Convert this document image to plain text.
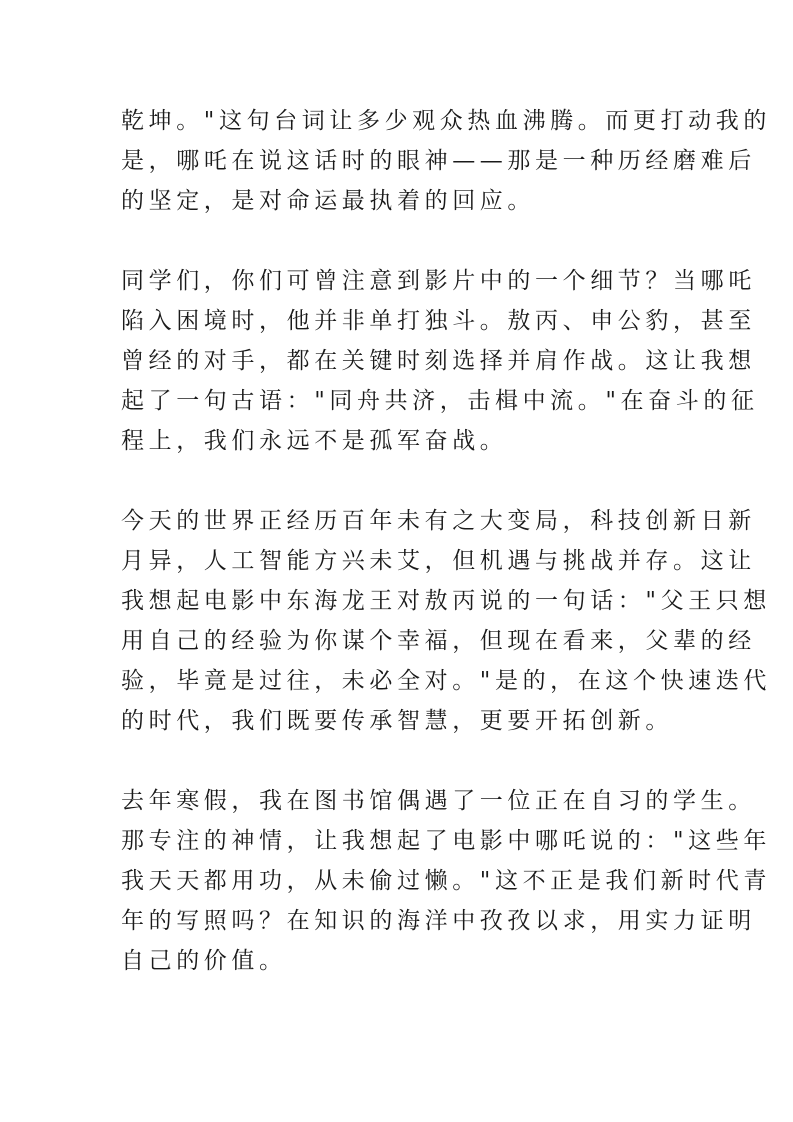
乾坤。"这句台词让多少观众热血沸腾。而更打动我的
是，哪吒在说这话时的眼神——那是一种历经磨难后
的坚定，是对命运最执着的回应。

同学们，你们可曾注意到影片中的一个细节？当哪吒
陷入困境时，他并非单打独斗。敖丙、申公豹，甚至
曾经的对手，都在关键时刻选择并肩作战。这让我想
起了一句古语："同舟共济，击楫中流。"在奋斗的征
程上，我们永远不是孤军奋战。

今天的世界正经历百年未有之大变局，科技创新日新
月异，人工智能方兴未艾，但机遇与挑战并存。这让
我想起电影中东海龙王对敖丙说的一句话："父王只想
用自己的经验为你谋个幸福，但现在看来，父辈的经
验，毕竟是过往，未必全对。"是的，在这个快速迭代
的时代，我们既要传承智慧，更要开拓创新。

去年寒假，我在图书馆偶遇了一位正在自习的学生。
那专注的神情，让我想起了电影中哪吒说的："这些年
我天天都用功，从未偷过懒。"这不正是我们新时代青
年的写照吗？在知识的海洋中孜孜以求，用实力证明
自己的价值。
